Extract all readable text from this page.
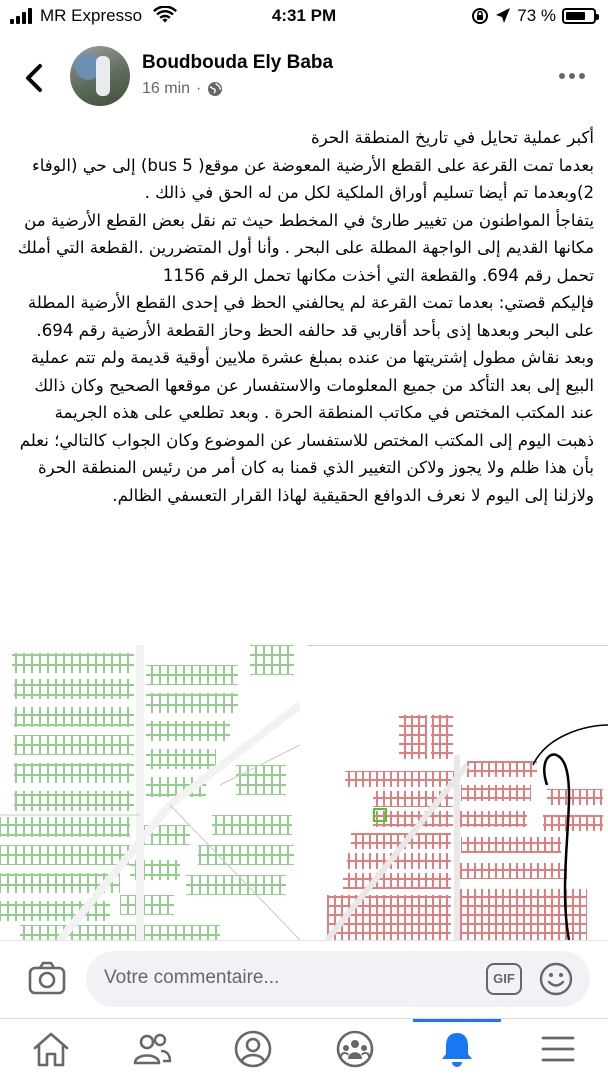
MR Expresso	4:31 PM	73 %
Boudbouda Ely Baba
16 min ·

أكبر عملية تحايل في تاريخ المنطقة الحرة

بعدما تمت القرعة على القطع الأرضية المعوضة عن موقع( bus 5) إلى حي (الوفاء 2)وبعدما تم أيضا تسليم أوراق الملكية لكل من له الحق في ذالك .

يتفاجأ المواطنون من تغيير طارئ في المخطط حيث تم نقل بعض القطع الأرضية من مكانها القديم إلى الواجهة المطلة على البحر . وأنا أول المتضررين .القطعة التي أملك تحمل رقم 694. والقطعة التي أخذت مكانها تحمل الرقم 1156

فإليكم قصتي: بعدما تمت القرعة لم يحالفني الحظ في إحدى القطع الأرضية المطلة على البحر وبعدها إذى بأحد أقاربي قد حالفه الحظ وحاز القطعة الأرضية رقم 694. وبعد نقاش مطول إشتريتها من عنده بمبلغ عشرة ملايين أوقية قديمة ولم تتم عملية البيع إلى بعد التأكد من جميع المعلومات والاستفسار عن موقعها الصحيح وكان ذالك عند المكتب المختص في مكاتب المنطقة الحرة . وبعد تطلعي على هذه الجريمة ذهبت اليوم إلى المكتب المختص للاستفسار عن الموضوع وكان الجواب كالتالي؛ نعلم بأن هذا ظلم ولا يجوز ولاكن التغيير الذي قمنا به كان أمر من رئيس المنطقة الحرة ولازلنا إلى اليوم لا نعرف الدوافع الحقيقية لهاذا القرار التعسفي الظالم.

Votre commentaire...	GIF
